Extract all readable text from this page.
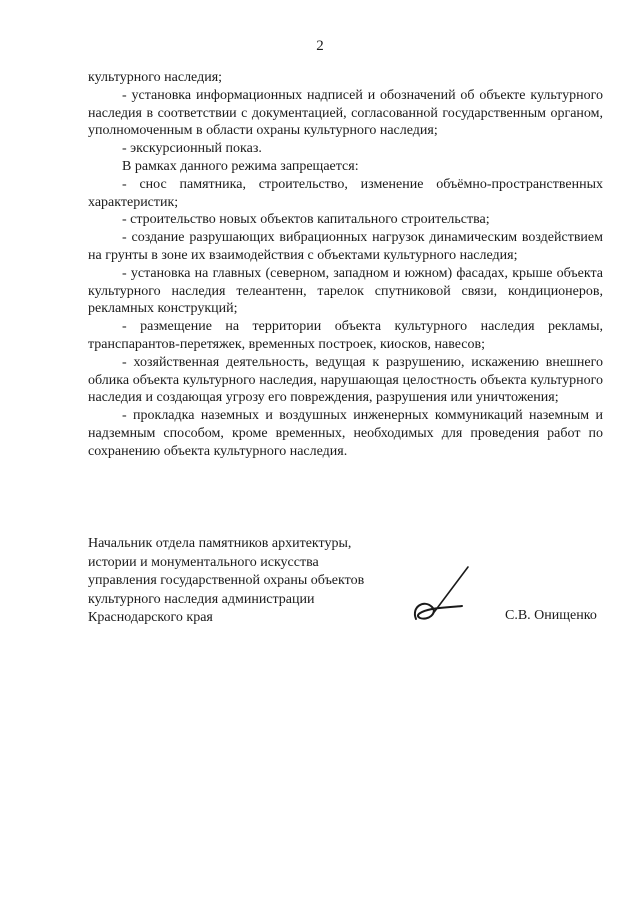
2

культурного наследия;

- установка информационных надписей и обозначений об объекте культурного наследия в соответствии с документацией, согласованной государственным органом, уполномоченным в области охраны культурного наследия;

- экскурсионный показ.

В рамках данного режима запрещается:

- снос памятника, строительство, изменение объёмно-пространственных характеристик;

- строительство новых объектов капитального строительства;

- создание разрушающих вибрационных нагрузок динамическим воздействием на грунты в зоне их взаимодействия с объектами культурного наследия;

- установка на главных (северном, западном и южном) фасадах, крыше объекта культурного наследия телеантенн, тарелок спутниковой связи, кондиционеров, рекламных конструкций;

- размещение на территории объекта культурного наследия рекламы, транспарантов-перетяжек, временных построек, киосков, навесов;

- хозяйственная деятельность, ведущая к разрушению, искажению внешнего облика объекта культурного наследия, нарушающая целостность объекта культурного наследия и создающая угрозу его повреждения, разрушения или уничтожения;

- прокладка наземных и воздушных инженерных коммуникаций наземным и надземным способом, кроме временных, необходимых для проведения работ по сохранению объекта культурного наследия.

Начальник отдела памятников архитектуры,
истории и монументального искусства
управления государственной охраны объектов
культурного наследия администрации
Краснодарского края	С.В. Онищенко
